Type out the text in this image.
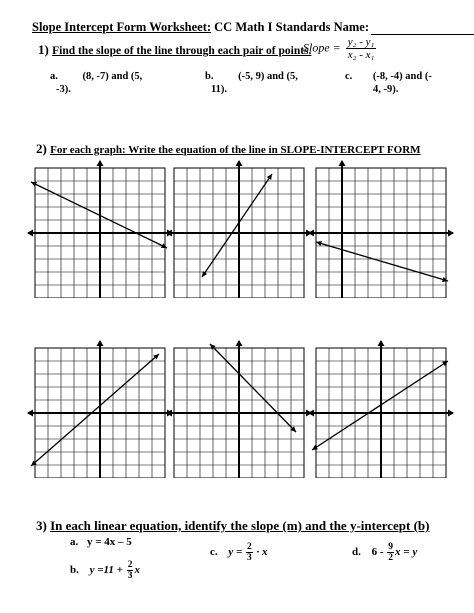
Slope Intercept Form Worksheet: CC Math I Standards Name:
1) Find the slope of the line through each pair of points.
Slope = $\frac{\text{y₂ - y₁}}{\text{x₂ - x₁}}$
a. (8, -7) and (5,
-3).
b. (-5, 9) and (5,
11).
c. (-8, -4) and (-
4, -9).
2) For each graph: Write the equation of the line in SLOPE-INTERCEPT FORM
3) In each linear equation, identify the slope (m) and the y-intercept (b)
a. y = 4x – 5
b. $y =11 + \frac{2}{3}$ x
c. $y = \frac{2}{3} \cdot x$	d. $6 - \frac{9}{2}$ x = y
